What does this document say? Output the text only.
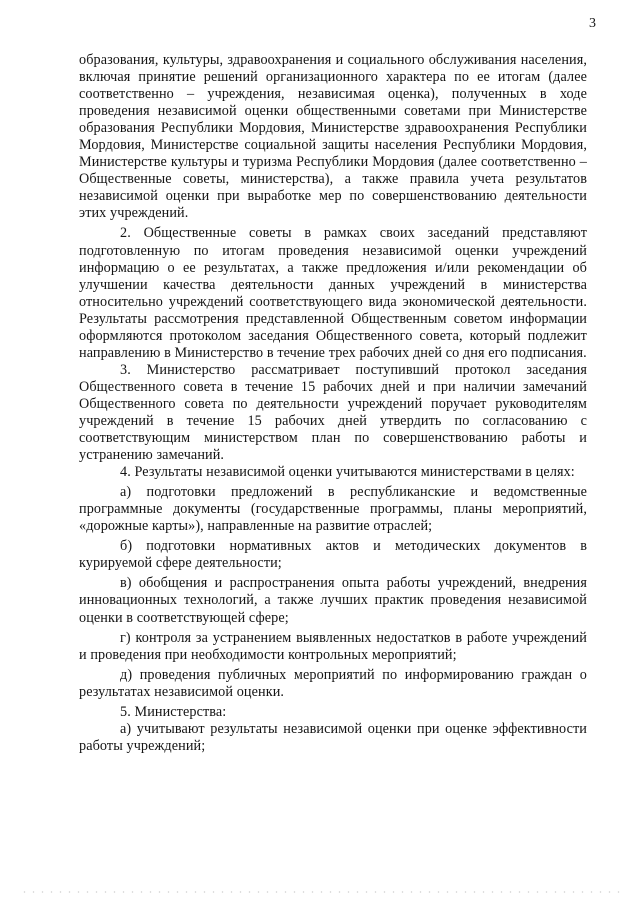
3

образования, культуры, здравоохранения и социального обслуживания населения, включая принятие решений организационного характера по ее итогам (далее соответственно – учреждения, независимая оценка), полученных в ходе проведения независимой оценки общественными советами при Министерстве образования Республики Мордовия, Министерстве здравоохранения Республики Мордовия, Министерстве социальной защиты населения Республики Мордовия, Министерстве культуры и туризма Республики Мордовия (далее соответственно – Общественные советы, министерства), а также правила учета результатов независимой оценки при выработке мер по совершенствованию деятельности этих учреждений.

2. Общественные советы в рамках своих заседаний представляют подготовленную по итогам проведения независимой оценки учреждений информацию о ее результатах, а также предложения и/или рекомендации об улучшении качества деятельности данных учреждений в министерства относительно учреждений соответствующего вида экономической деятельности. Результаты рассмотрения представленной Общественным советом информации оформляются протоколом заседания Общественного совета, который подлежит направлению в Министерство в течение трех рабочих дней со дня его подписания.

3. Министерство рассматривает поступивший протокол заседания Общественного совета в течение 15 рабочих дней и при наличии замечаний Общественного совета по деятельности учреждений поручает руководителям учреждений в течение 15 рабочих дней утвердить по согласованию с соответствующим министерством план по совершенствованию работы и устранению замечаний.

4. Результаты независимой оценки учитываются министерствами в целях:

а) подготовки предложений в республиканские и ведомственные программные документы (государственные программы, планы мероприятий, «дорожные карты»), направленные на развитие отраслей;

б) подготовки нормативных актов и методических документов в курируемой сфере деятельности;

в) обобщения и распространения опыта работы учреждений, внедрения инновационных технологий, а также лучших практик проведения независимой оценки в соответствующей сфере;

г) контроля за устранением выявленных недостатков в работе учреждений и проведения при необходимости контрольных мероприятий;

д) проведения публичных мероприятий по информированию граждан о результатах независимой оценки.

5. Министерства:

а) учитывают результаты независимой оценки при оценке эффективности работы учреждений;
